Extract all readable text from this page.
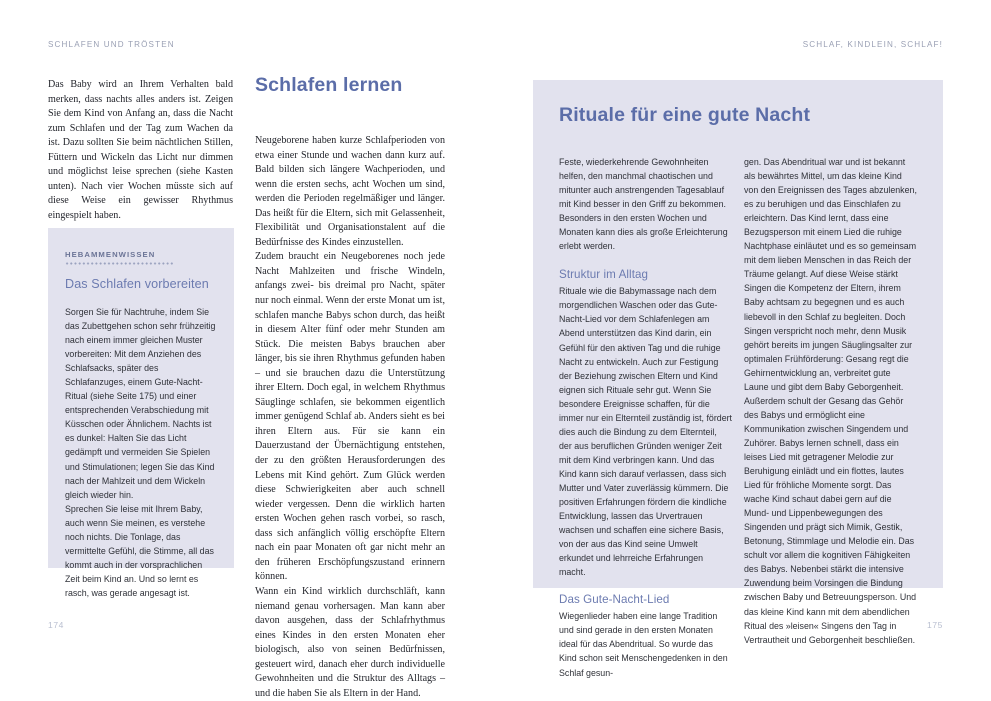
SCHLAFEN UND TRÖSTEN

Das Baby wird an Ihrem Verhalten bald merken, dass nachts alles anders ist. Zeigen Sie dem Kind von Anfang an, dass die Nacht zum Schlafen und der Tag zum Wachen da ist. Dazu sollten Sie beim nächtlichen Stillen, Füttern und Wickeln das Licht nur dimmen und möglichst leise sprechen (siehe Kasten unten). Nach vier Wochen müsste sich auf diese Weise ein gewisser Rhythmus eingespielt haben.

Schlafen lernen

Neugeborene haben kurze Schlafperioden von etwa einer Stunde und wachen dann kurz auf. Bald bilden sich längere Wachperioden, und wenn die ersten sechs, acht Wochen um sind, werden die Perioden regelmäßiger und länger. Das heißt für die Eltern, sich mit Gelassenheit, Flexibilität und Organisationstalent auf die Bedürfnisse des Kindes einzustellen.

Zudem braucht ein Neugeborenes noch jede Nacht Mahlzeiten und frische Windeln, anfangs zwei- bis dreimal pro Nacht, später nur noch einmal. Wenn der erste Monat um ist, schlafen manche Babys schon durch, das heißt in diesem Alter fünf oder mehr Stunden am Stück. Die meisten Babys brauchen aber länger, bis sie ihren Rhythmus gefunden haben – und sie brauchen dazu die Unterstützung ihrer Eltern. Doch egal, in welchem Rhythmus Säuglinge schlafen, sie bekommen eigentlich immer genügend Schlaf ab. Anders sieht es bei ihren Eltern aus. Für sie kann ein Dauerzustand der Übernächtigung entstehen, der zu den größten Herausforderungen des Lebens mit Kind gehört. Zum Glück werden diese Schwierigkeiten aber auch schnell wieder vergessen. Denn die wirklich harten ersten Wochen gehen rasch vorbei, so rasch, dass sich anfänglich völlig erschöpfte Eltern nach ein paar Monaten oft gar nicht mehr an den früheren Erschöpfungszustand erinnern können.

Wann ein Kind wirklich durchschläft, kann niemand genau vorhersagen. Man kann aber davon ausgehen, dass der Schlafrhythmus eines Kindes in den ersten Monaten eher biologisch, also von seinen Bedürfnissen, gesteuert wird, danach eher durch individuelle Gewohnheiten und die Struktur des Alltags – und die haben Sie als Eltern in der Hand.

HEBAMMENWISSEN
Das Schlafen vorbereiten

Sorgen Sie für Nachtruhe, indem Sie das Zubettgehen schon sehr frühzeitig nach einem immer gleichen Muster vorbereiten: Mit dem Anziehen des Schlafsacks, später des Schlafanzuges, einem Gute-Nacht-Ritual (siehe Seite 175) und einer entsprechenden Verabschiedung mit Küsschen oder Ähnlichem. Nachts ist es dunkel: Halten Sie das Licht gedämpft und vermeiden Sie Spielen und Stimulationen; legen Sie das Kind nach der Mahlzeit und dem Wickeln gleich wieder hin.

Sprechen Sie leise mit Ihrem Baby, auch wenn Sie meinen, es verstehe noch nichts. Die Tonlage, das vermittelte Gefühl, die Stimme, all das kommt auch in der vorsprachlichen Zeit beim Kind an. Und so lernt es rasch, was gerade angesagt ist.

174
SCHLAF, KINDLEIN, SCHLAF!
Rituale für eine gute Nacht

Feste, wiederkehrende Gewohnheiten helfen, den manchmal chaotischen und mitunter auch anstrengenden Tagesablauf mit Kind besser in den Griff zu bekommen. Besonders in den ersten Wochen und Monaten kann dies als große Erleichterung erlebt werden.

Struktur im Alltag

Rituale wie die Babymassage nach dem morgendlichen Waschen oder das Gute-Nacht-Lied vor dem Schlafenlegen am Abend unterstützen das Kind darin, ein Gefühl für den aktiven Tag und die ruhige Nacht zu entwickeln. Auch zur Festigung der Beziehung zwischen Eltern und Kind eignen sich Rituale sehr gut. Wenn Sie besondere Ereignisse schaffen, für die immer nur ein Elternteil zuständig ist, fördert dies auch die Bindung zu dem Elternteil, der aus beruflichen Gründen weniger Zeit mit dem Kind verbringen kann. Und das Kind kann sich darauf verlassen, dass sich Mutter und Vater zuverlässig kümmern. Die positiven Erfahrungen fördern die kindliche Entwicklung, lassen das Urvertrauen wachsen und schaffen eine sichere Basis, von der aus das Kind seine Umwelt erkundet und lehrreiche Erfahrungen macht.

Das Gute-Nacht-Lied

Wiegenlieder haben eine lange Tradition und sind gerade in den ersten Monaten ideal für das Abendritual. So wurde das Kind schon seit Menschengedenken in den Schlaf gesun-

gen. Das Abendritual war und ist bekannt als bewährtes Mittel, um das kleine Kind von den Ereignissen des Tages abzulenken, es zu beruhigen und das Einschlafen zu erleichtern. Das Kind lernt, dass eine Bezugsperson mit einem Lied die ruhige Nachtphase einläutet und es so gemeinsam mit dem lieben Menschen in das Reich der Träume gelangt. Auf diese Weise stärkt Singen die Kompetenz der Eltern, ihrem Baby achtsam zu begegnen und es auch liebevoll in den Schlaf zu begleiten. Doch Singen verspricht noch mehr, denn Musik gehört bereits im jungen Säuglingsalter zur optimalen Frühförderung: Gesang regt die Gehirnentwicklung an, verbreitet gute Laune und gibt dem Baby Geborgenheit. Außerdem schult der Gesang das Gehör des Babys und ermöglicht eine Kommunikation zwischen Singendem und Zuhörer. Babys lernen schnell, dass ein leises Lied mit getragener Melodie zur Beruhigung einlädt und ein flottes, lautes Lied für fröhliche Momente sorgt. Das wache Kind schaut dabei gern auf die Mund- und Lippenbewegungen des Singenden und prägt sich Mimik, Gestik, Betonung, Stimmlage und Melodie ein. Das schult vor allem die kognitiven Fähigkeiten des Babys. Nebenbei stärkt die intensive Zuwendung beim Vorsingen die Bindung zwischen Baby und Betreuungsperson. Und das kleine Kind kann mit dem abendlichen Ritual des »leisen« Singens den Tag in Vertrautheit und Geborgenheit beschließen.

175
